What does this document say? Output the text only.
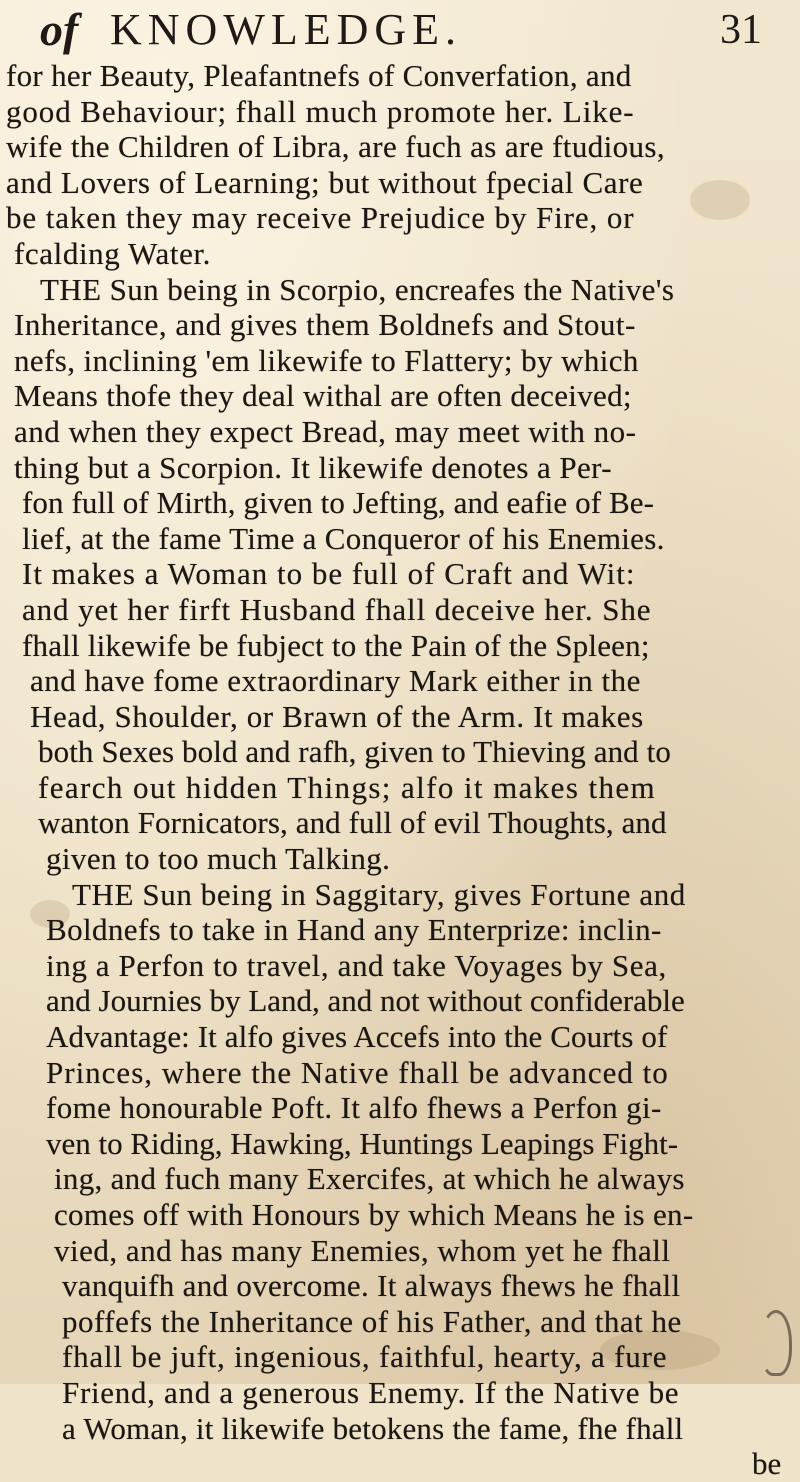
of KNOWLEDGE.	31
for her Beauty, Pleafantnefs of Converfation, and
good Behaviour; fhall much promote her. Like-
wife the Children of Libra, are fuch as are ftudious,
and Lovers of Learning; but without fpecial Care
be taken they may receive Prejudice by Fire, or
fcalding Water.
THE Sun being in Scorpio, encreafes the Native's
Inheritance, and gives them Boldnefs and Stout-
nefs, inclining 'em likewife to Flattery; by which
Means thofe they deal withal are often deceived;
and when they expect Bread, may meet with no-
thing but a Scorpion. It likewife denotes a Per-
fon full of Mirth, given to Jefting, and eafie of Be-
lief, at the fame Time a Conqueror of his Enemies.
It makes a Woman to be full of Craft and Wit:
and yet her firft Husband fhall deceive her. She
fhall likewife be fubject to the Pain of the Spleen;
and have fome extraordinary Mark either in the
Head, Shoulder, or Brawn of the Arm. It makes
both Sexes bold and rafh, given to Thieving and to
fearch out hidden Things; alfo it makes them
wanton Fornicators, and full of evil Thoughts, and
given to too much Talking.
THE Sun being in Saggitary, gives Fortune and
Boldnefs to take in Hand any Enterprize: inclin-
ing a Perfon to travel, and take Voyages by Sea,
and Journies by Land, and not without confiderable
Advantage: It alfo gives Accefs into the Courts of
Princes, where the Native fhall be advanced to
fome honourable Poft. It alfo fhews a Perfon gi-
ven to Riding, Hawking, Huntings Leapings Fight-
ing, and fuch many Exercifes, at which he always
comes off with Honours by which Means he is en-
vied, and has many Enemies, whom yet he fhall
vanquifh and overcome. It always fhews he fhall
poffefs the Inheritance of his Father, and that he
fhall be juft, ingenious, faithful, hearty, a fure
Friend, and a generous Enemy. If the Native be
a Woman, it likewife betokens the fame, fhe fhall
be
